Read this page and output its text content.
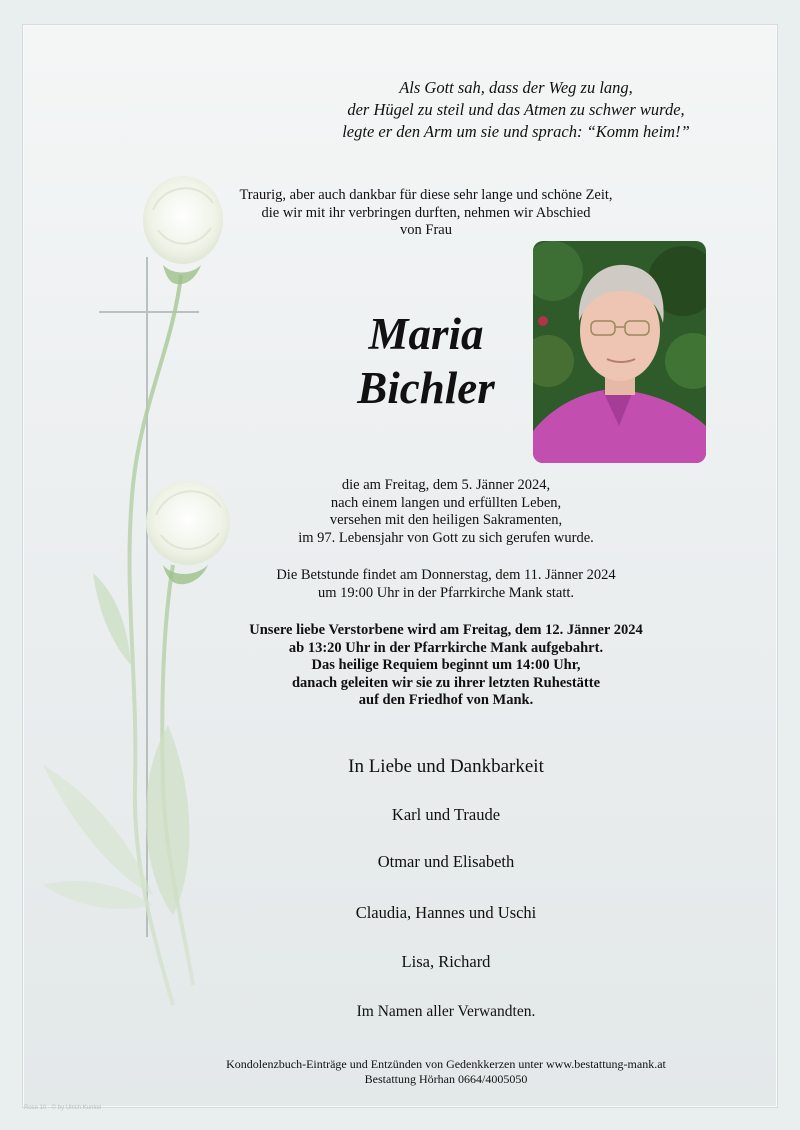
Als Gott sah, dass der Weg zu lang,
der Hügel zu steil und das Atmen zu schwer wurde,
legte er den Arm um sie und sprach: “Komm heim!”
Traurig, aber auch dankbar für diese sehr lange und schöne Zeit,
die wir mit ihr verbringen durften, nehmen wir Abschied
von Frau
Maria
Bichler
die am Freitag, dem 5. Jänner 2024,
nach einem langen und erfüllten Leben,
versehen mit den heiligen Sakramenten,
im 97. Lebensjahr von Gott zu sich gerufen wurde.
Die Betstunde findet am Donnerstag, dem 11. Jänner 2024
um 19:00 Uhr in der Pfarrkirche Mank statt.
Unsere liebe Verstorbene wird am Freitag, dem 12. Jänner 2024
ab 13:20 Uhr in der Pfarrkirche Mank aufgebahrt.
Das heilige Requiem beginnt um 14:00 Uhr,
danach geleiten wir sie zu ihrer letzten Ruhestätte
auf den Friedhof von Mank.
In Liebe und Dankbarkeit
Karl und Traude
Otmar und Elisabeth
Claudia, Hannes und Uschi
Lisa, Richard
Im Namen aller Verwandten.
Kondolenzbuch-Einträge und Entzünden von Gedenkkerzen unter www.bestattung-mank.at
Bestattung Hörhan 0664/4005050
Rose 10 - © by Ulrich Kunkel
